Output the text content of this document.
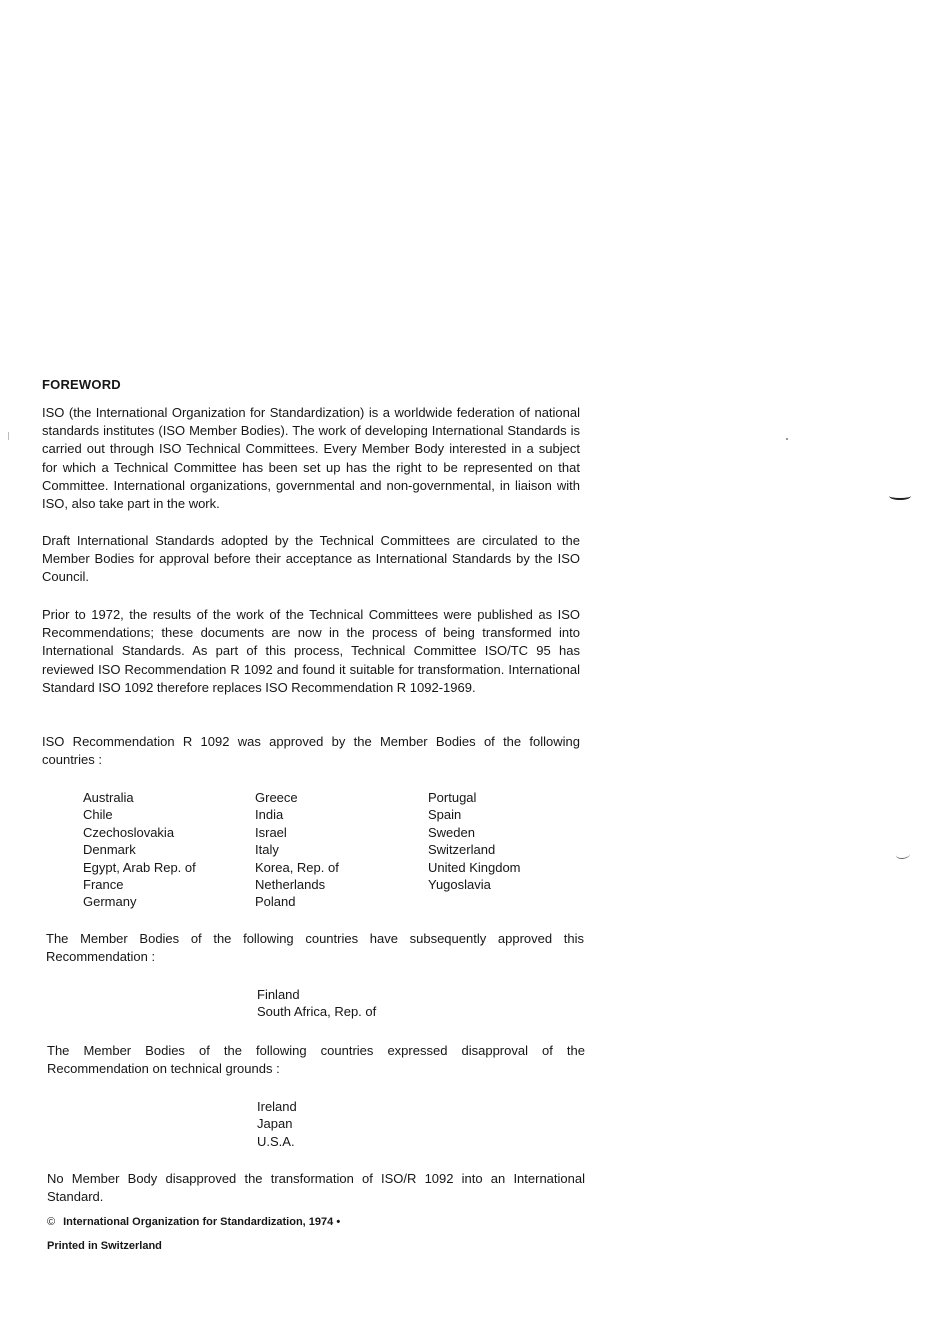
FOREWORD

ISO (the International Organization for Standardization) is a worldwide federation of national standards institutes (ISO Member Bodies). The work of developing International Standards is carried out through ISO Technical Committees. Every Member Body interested in a subject for which a Technical Committee has been set up has the right to be represented on that Committee. International organizations, governmental and non-governmental, in liaison with ISO, also take part in the work.

Draft International Standards adopted by the Technical Committees are circulated to the Member Bodies for approval before their acceptance as International Standards by the ISO Council.

Prior to 1972, the results of the work of the Technical Committees were published as ISO Recommendations; these documents are now in the process of being transformed into International Standards. As part of this process, Technical Committee ISO/TC 95 has reviewed ISO Recommendation R 1092 and found it suitable for transformation. International Standard ISO 1092 therefore replaces ISO Recommendation R 1092-1969.

ISO Recommendation R 1092 was approved by the Member Bodies of the following countries :

Australia
Chile
Czechoslovakia
Denmark
Egypt, Arab Rep. of
France
Germany
Greece
India
Israel
Italy
Korea, Rep. of
Netherlands
Poland
Portugal
Spain
Sweden
Switzerland
United Kingdom
Yugoslavia

The Member Bodies of the following countries have subsequently approved this Recommendation :

Finland
South Africa, Rep. of

The Member Bodies of the following countries expressed disapproval of the Recommendation on technical grounds :

Ireland
Japan
U.S.A.

No Member Body disapproved the transformation of ISO/R 1092 into an International Standard.

© International Organization for Standardization, 1974 •

Printed in Switzerland
